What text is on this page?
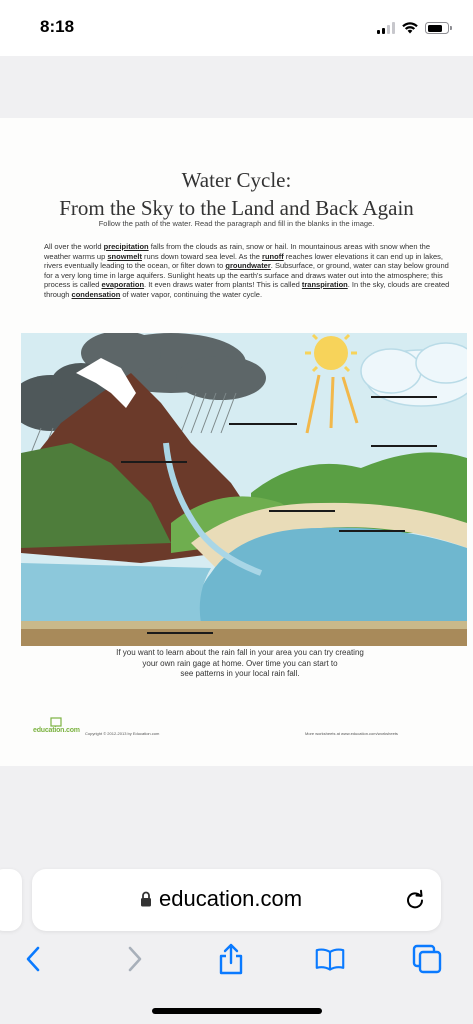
8:18
Water Cycle:
From the Sky to the Land and Back Again
Follow the path of the water. Read the paragraph and fill in the blanks in the image.
All over the world precipitation falls from the clouds as rain, snow or hail. In mountainous areas with snow when the weather warms up snowmelt runs down toward sea level. As the runoff reaches lower elevations it can end up in lakes, rivers eventually leading to the ocean, or filter down to groundwater. Subsurface, or ground, water can stay below ground for a very long time in large aquifers. Sunlight heats up the earth's surface and draws water out into the atmosphere; this process is called evaporation. It even draws water from plants! This is called transpiration. In the sky, clouds are created through condensation of water vapor, continuing the water cycle.
If you want to learn about the rain fall in your area you can try creating
your own rain gage at home. Over time you can start to
see patterns in your local rain fall.
education.com Copyright © 2012-2013 by Education.com	More worksheets at www.education.com/worksheets
education.com
